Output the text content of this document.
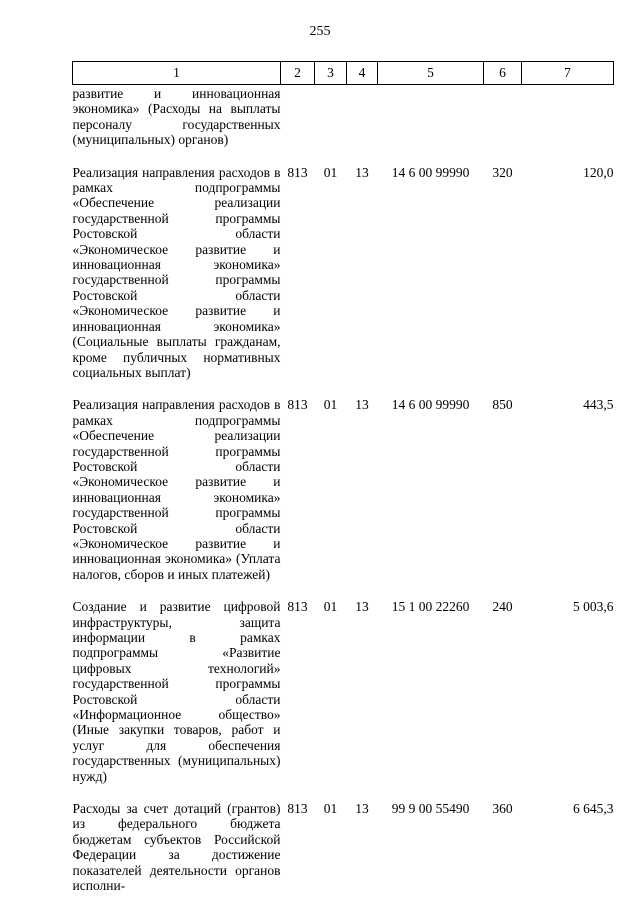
255
1	2	3	4	5	6	7
развитие и инновационная экономика» (Расходы на выплаты персоналу государственных (муниципальных) органов)						
Реализация направления расходов в рамках подпрограммы «Обеспечение реализации государственной программы Ростовской области «Экономическое развитие и инновационная экономика» государственной программы Ростовской области «Экономическое развитие и инновационная экономика» (Социальные выплаты гражданам, кроме публичных нормативных социальных выплат)	813	01	13	14 6 00 99990	320	120,0
Реализация направления расходов в рамках подпрограммы «Обеспечение реализации государственной программы Ростовской области «Экономическое развитие и инновационная экономика» государственной программы Ростовской области «Экономическое развитие и инновационная экономика» (Уплата налогов, сборов и иных платежей)	813	01	13	14 6 00 99990	850	443,5
Создание и развитие цифровой инфраструктуры, защита информации в рамках подпрограммы «Развитие цифровых технологий» государственной программы Ростовской области «Информационное общество» (Иные закупки товаров, работ и услуг для обеспечения государственных (муниципальных) нужд)	813	01	13	15 1 00 22260	240	5 003,6
Расходы за счет дотаций (грантов) из федерального бюджета бюджетам субъектов Российской Федерации за достижение показателей деятельности органов исполни-	813	01	13	99 9 00 55490	360	6 645,3
